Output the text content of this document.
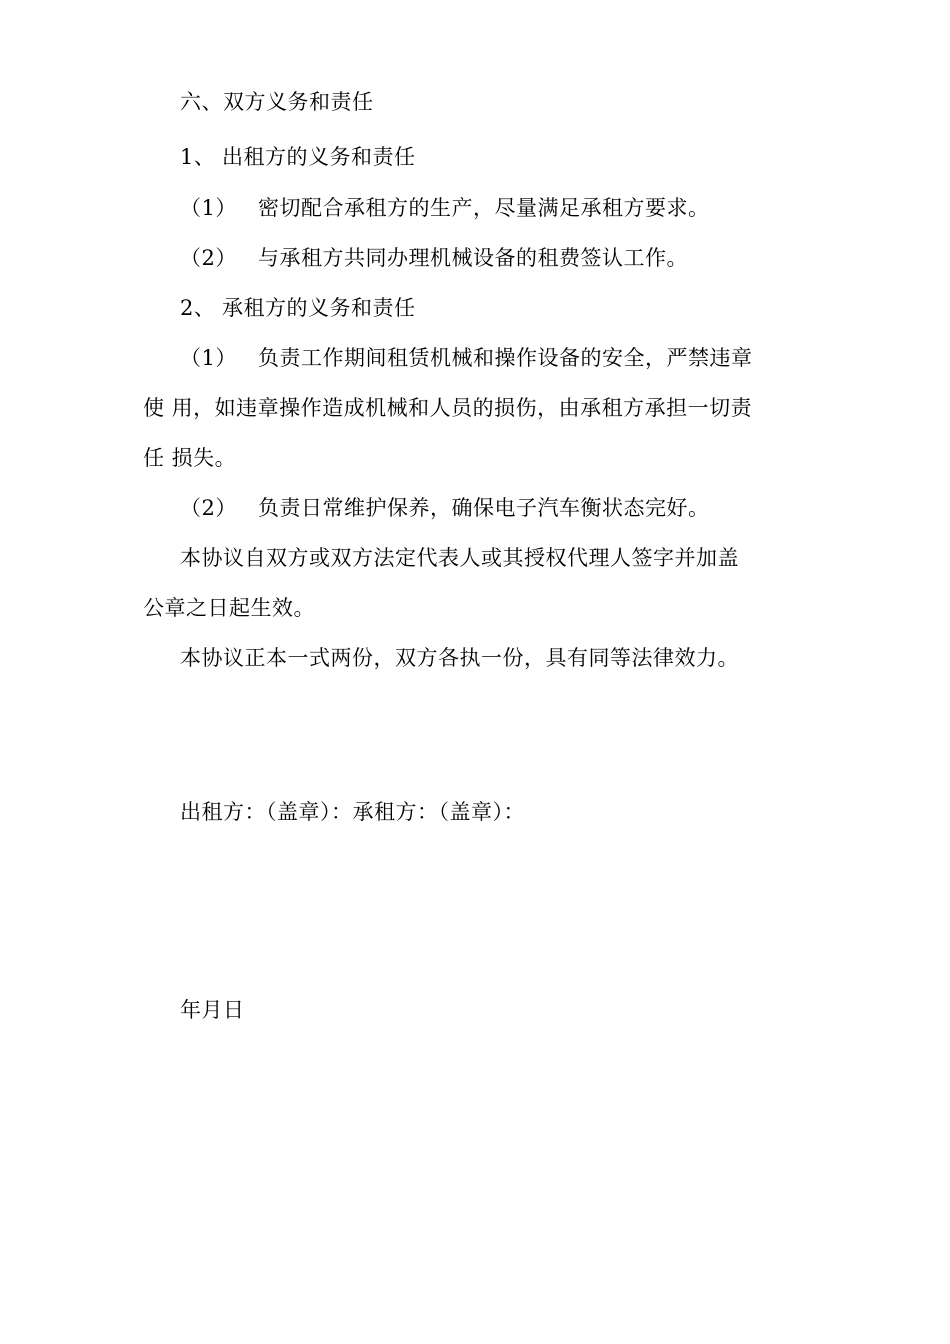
六、双方义务和责任
1、 出租方的义务和责任
（1） 密切配合承租方的生产，尽量满足承租方要求。
（2） 与承租方共同办理机械设备的租费签认工作。
2、 承租方的义务和责任
（1） 负责工作期间租赁机械和操作设备的安全，严禁违章
使 用，如违章操作造成机械和人员的损伤，由承租方承担一切责
任 损失。
（2） 负责日常维护保养，确保电子汽车衡状态完好。
本协议自双方或双方法定代表人或其授权代理人签字并加盖
公章之日起生效。
本协议正本一式两份，双方各执一份，具有同等法律效力。
出租方：（盖章）：承租方：（盖章）：
年月日
